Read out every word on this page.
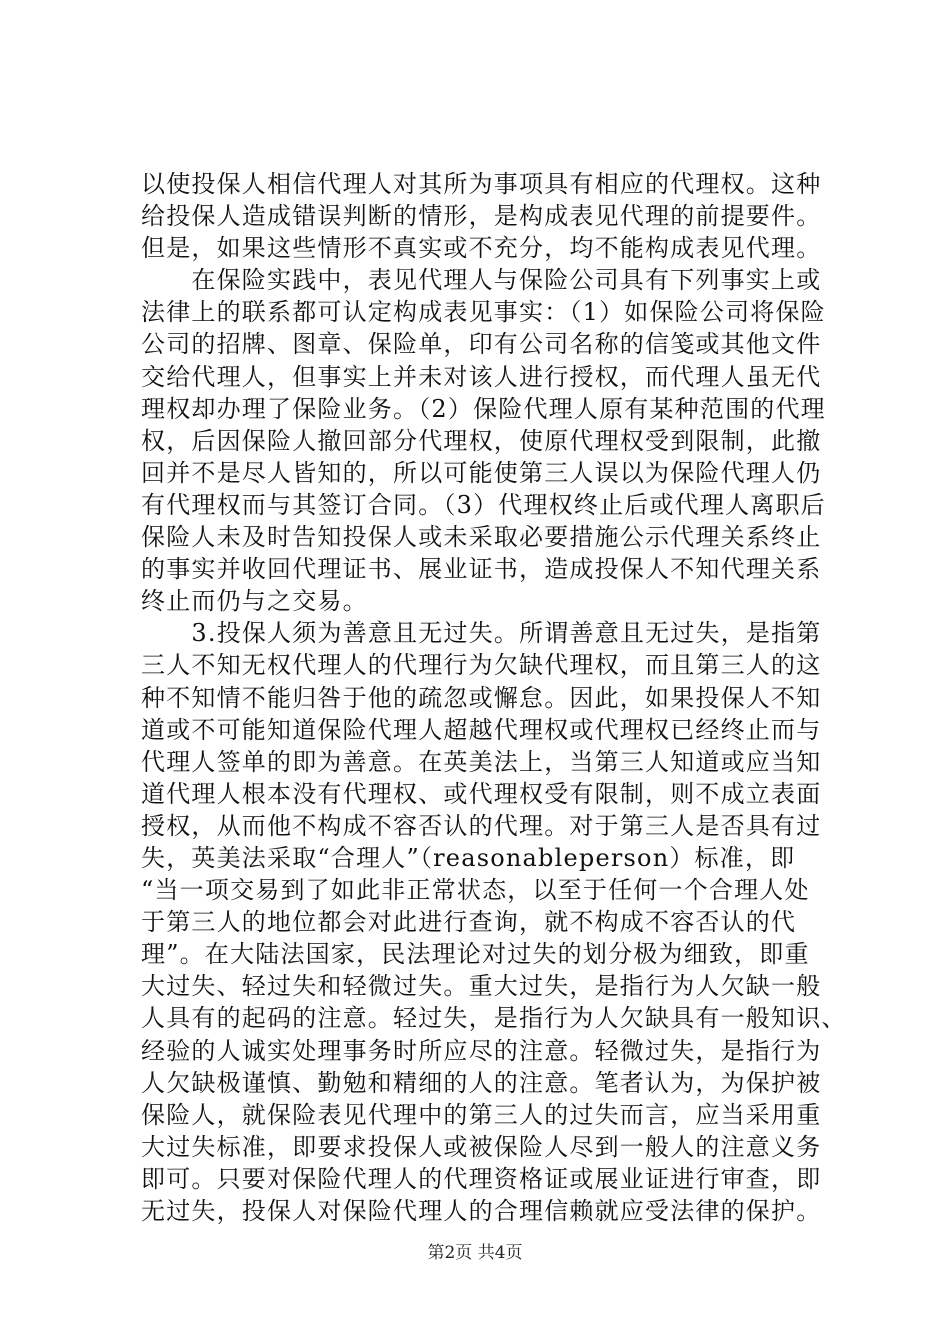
以使投保人相信代理人对其所为事项具有相应的代理权。这种
给投保人造成错误判断的情形，是构成表见代理的前提要件。
但是，如果这些情形不真实或不充分，均不能构成表见代理。
　　在保险实践中，表见代理人与保险公司具有下列事实上或
法律上的联系都可认定构成表见事实：（1）如保险公司将保险
公司的招牌、图章、保险单，印有公司名称的信笺或其他文件
交给代理人，但事实上并未对该人进行授权，而代理人虽无代
理权却办理了保险业务。（2）保险代理人原有某种范围的代理
权，后因保险人撤回部分代理权，使原代理权受到限制，此撤
回并不是尽人皆知的，所以可能使第三人误以为保险代理人仍
有代理权而与其签订合同。（3）代理权终止后或代理人离职后
保险人未及时告知投保人或未采取必要措施公示代理关系终止
的事实并收回代理证书、展业证书，造成投保人不知代理关系
终止而仍与之交易。
　　3.投保人须为善意且无过失。所谓善意且无过失，是指第
三人不知无权代理人的代理行为欠缺代理权，而且第三人的这
种不知情不能归咎于他的疏忽或懈怠。因此，如果投保人不知
道或不可能知道保险代理人超越代理权或代理权已经终止而与
代理人签单的即为善意。在英美法上，当第三人知道或应当知
道代理人根本没有代理权、或代理权受有限制，则不成立表面
授权，从而他不构成不容否认的代理。对于第三人是否具有过
失，英美法采取“合理人”（reasonableperson）标准，即
“当一项交易到了如此非正常状态，以至于任何一个合理人处
于第三人的地位都会对此进行查询，就不构成不容否认的代
理”。在大陆法国家，民法理论对过失的划分极为细致，即重
大过失、轻过失和轻微过失。重大过失，是指行为人欠缺一般
人具有的起码的注意。轻过失，是指行为人欠缺具有一般知识、
经验的人诚实处理事务时所应尽的注意。轻微过失，是指行为
人欠缺极谨慎、勤勉和精细的人的注意。笔者认为，为保护被
保险人，就保险表见代理中的第三人的过失而言，应当采用重
大过失标准，即要求投保人或被保险人尽到一般人的注意义务
即可。只要对保险代理人的代理资格证或展业证进行审查，即
无过失，投保人对保险代理人的合理信赖就应受法律的保护。
第2页 共4页
